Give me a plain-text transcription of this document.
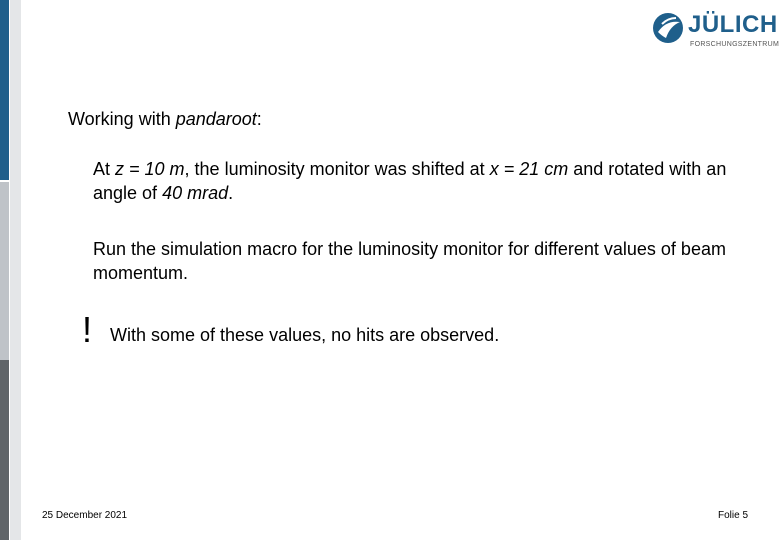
JÜLICH
FORSCHUNGSZENTRUM
Working with pandaroot:
At z = 10 m, the luminosity monitor was shifted at x = 21 cm and rotated with an angle of 40 mrad.
Run the simulation macro for the luminosity monitor for different values of beam momentum.
! With some of these values, no hits are observed.
25 December 2021	Folie 5
